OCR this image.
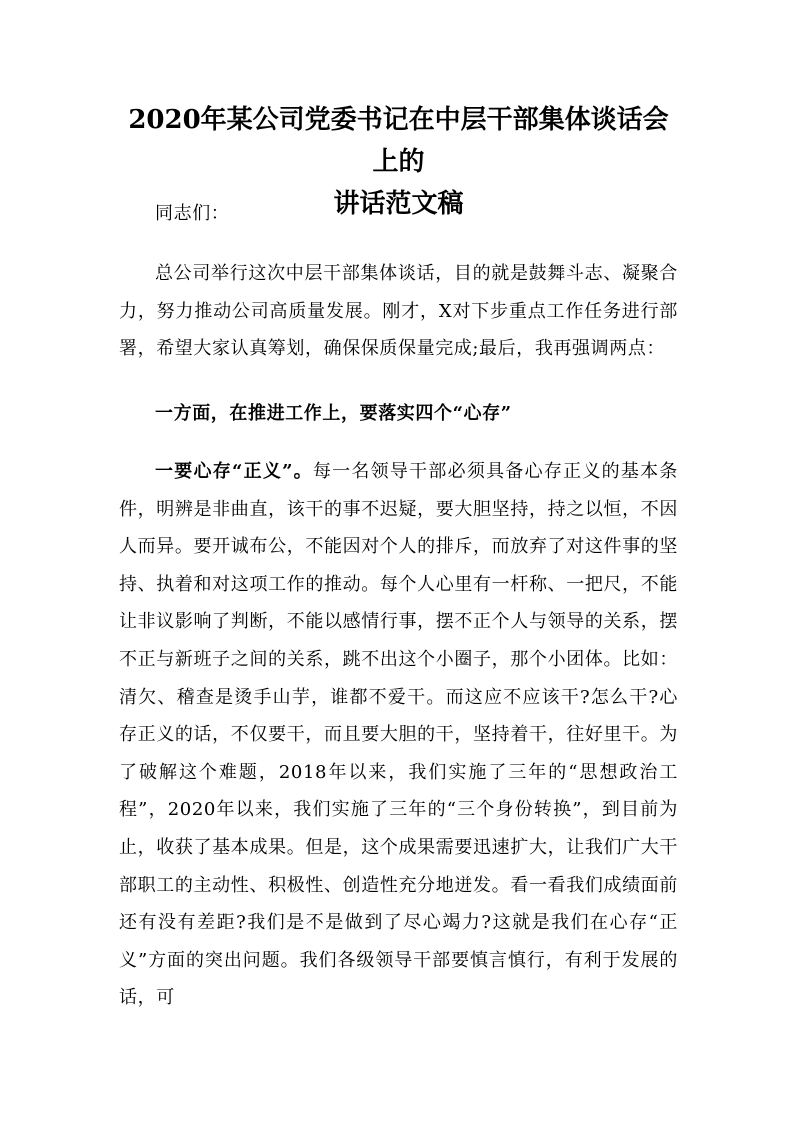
2020年某公司党委书记在中层干部集体谈话会上的
讲话范文稿

同志们：

总公司举行这次中层干部集体谈话，目的就是鼓舞斗志、凝聚合力，努力推动公司高质量发展。刚才，X对下步重点工作任务进行部署，希望大家认真筹划，确保保质保量完成;最后，我再强调两点：

一方面，在推进工作上，要落实四个“心存”

一要心存“正义”。每一名领导干部必须具备心存正义的基本条件，明辨是非曲直，该干的事不迟疑，要大胆坚持，持之以恒，不因人而异。要开诚布公，不能因对个人的排斥，而放弃了对这件事的坚持、执着和对这项工作的推动。每个人心里有一杆称、一把尺，不能让非议影响了判断，不能以感情行事，摆不正个人与领导的关系，摆不正与新班子之间的关系，跳不出这个小圈子，那个小团体。比如：清欠、稽查是烫手山芋，谁都不爱干。而这应不应该干?怎么干?心存正义的话，不仅要干，而且要大胆的干，坚持着干，往好里干。为了破解这个难题，2018年以来，我们实施了三年的“思想政治工程”，2020年以来，我们实施了三年的“三个身份转换”，到目前为止，收获了基本成果。但是，这个成果需要迅速扩大，让我们广大干部职工的主动性、积极性、创造性充分地迸发。看一看我们成绩面前还有没有差距?我们是不是做到了尽心竭力?这就是我们在心存“正义”方面的突出问题。我们各级领导干部要慎言慎行，有利于发展的话，可
